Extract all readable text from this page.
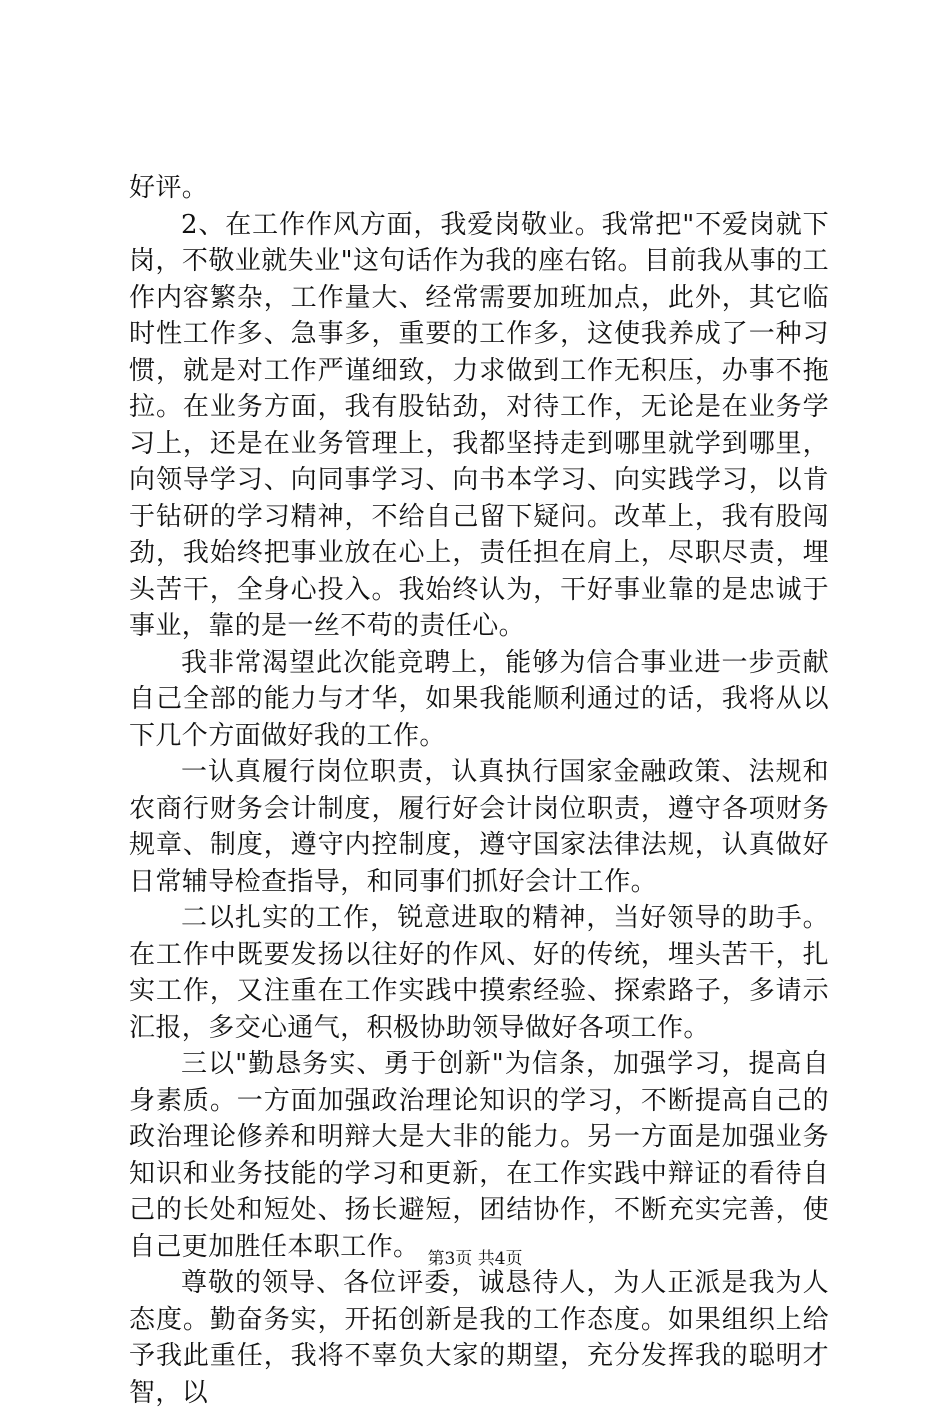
好评。

2、在工作作风方面，我爱岗敬业。我常把"不爱岗就下岗，不敬业就失业"这句话作为我的座右铭。目前我从事的工作内容繁杂，工作量大、经常需要加班加点，此外，其它临时性工作多、急事多，重要的工作多，这使我养成了一种习惯，就是对工作严谨细致，力求做到工作无积压，办事不拖拉。在业务方面，我有股钻劲，对待工作，无论是在业务学习上，还是在业务管理上，我都坚持走到哪里就学到哪里，向领导学习、向同事学习、向书本学习、向实践学习，以肯于钻研的学习精神，不给自己留下疑问。改革上，我有股闯劲，我始终把事业放在心上，责任担在肩上，尽职尽责，埋头苦干，全身心投入。我始终认为，干好事业靠的是忠诚于事业，靠的是一丝不苟的责任心。

我非常渴望此次能竞聘上，能够为信合事业进一步贡献自己全部的能力与才华，如果我能顺利通过的话，我将从以下几个方面做好我的工作。

一认真履行岗位职责，认真执行国家金融政策、法规和农商行财务会计制度，履行好会计岗位职责，遵守各项财务规章、制度，遵守内控制度，遵守国家法律法规，认真做好日常辅导检查指导，和同事们抓好会计工作。

二以扎实的工作，锐意进取的精神，当好领导的助手。在工作中既要发扬以往好的作风、好的传统，埋头苦干，扎实工作，又注重在工作实践中摸索经验、探索路子，多请示汇报，多交心通气，积极协助领导做好各项工作。

三以"勤恳务实、勇于创新"为信条，加强学习，提高自身素质。一方面加强政治理论知识的学习，不断提高自己的政治理论修养和明辩大是大非的能力。另一方面是加强业务知识和业务技能的学习和更新，在工作实践中辩证的看待自己的长处和短处、扬长避短，团结协作，不断充实完善，使自己更加胜任本职工作。

尊敬的领导、各位评委，诚恳待人，为人正派是我为人态度。勤奋务实，开拓创新是我的工作态度。如果组织上给予我此重任，我将不辜负大家的期望，充分发挥我的聪明才智，以

第3页 共4页
